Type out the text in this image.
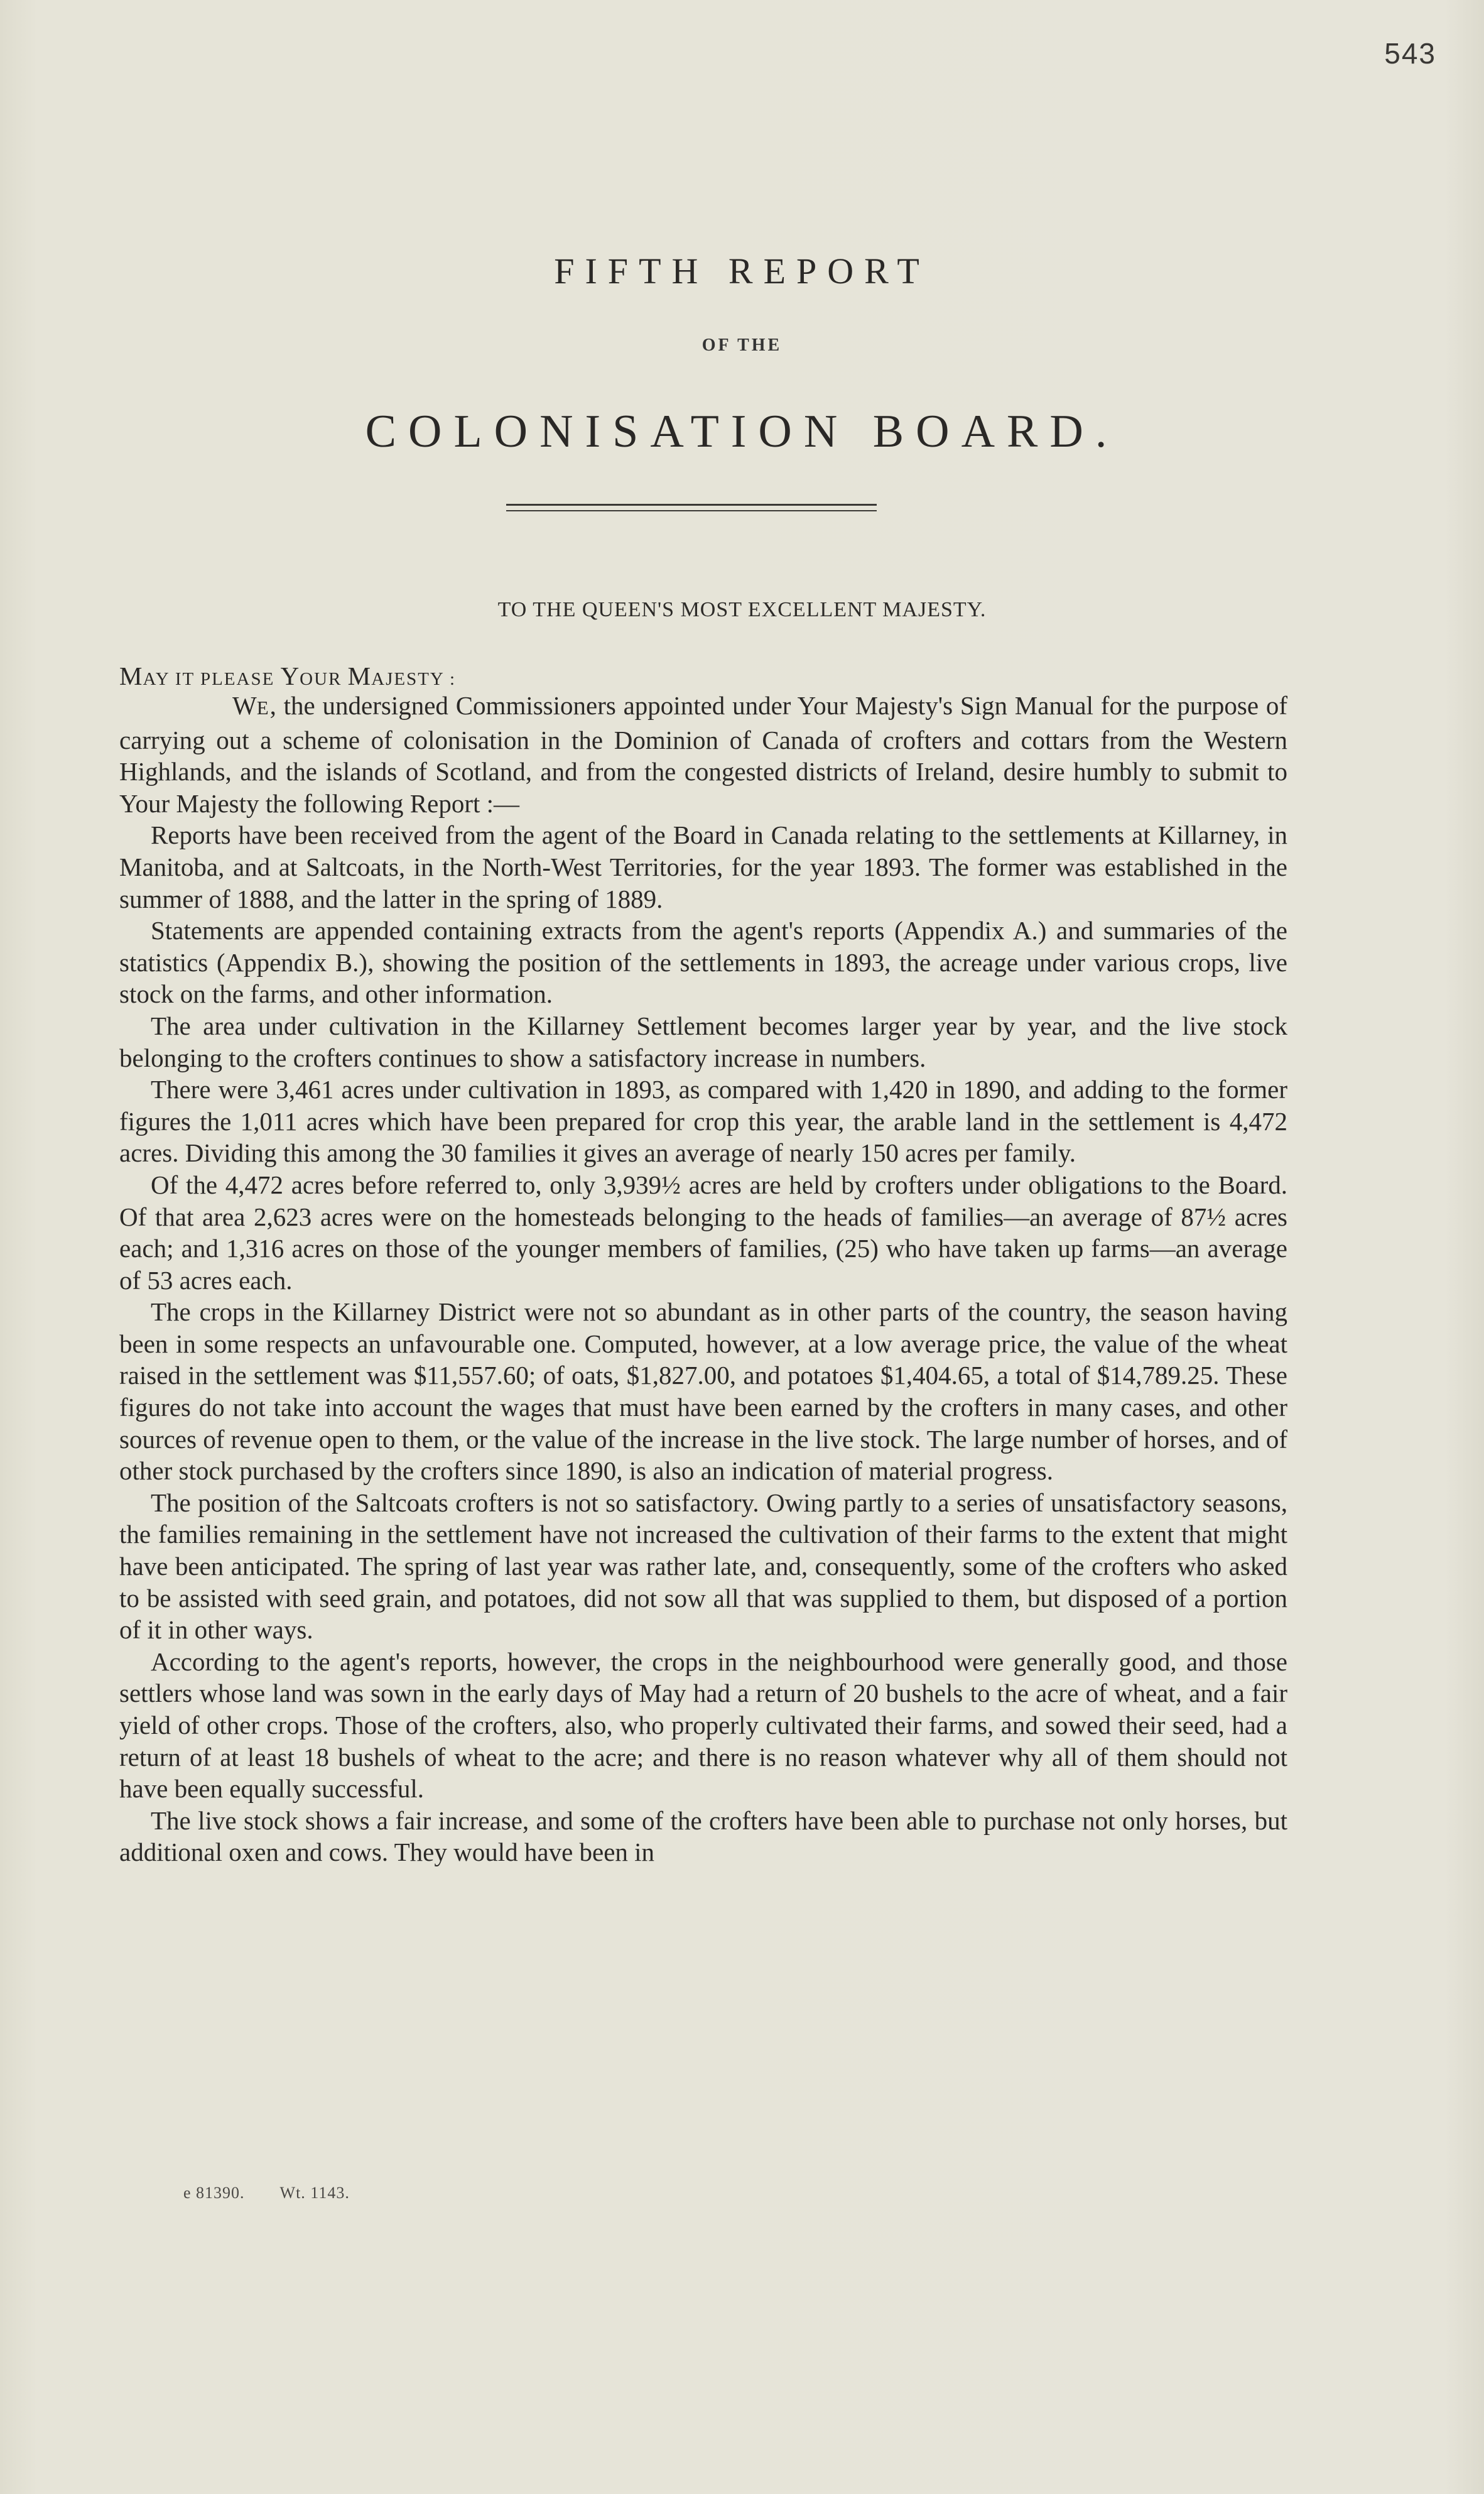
543
FIFTH REPORT
OF THE
COLONISATION BOARD.
TO THE QUEEN'S MOST EXCELLENT MAJESTY.
MAY IT PLEASE YOUR MAJESTY :

WE, the undersigned Commissioners appointed under Your Majesty's Sign Manual for the purpose of carrying out a scheme of colonisation in the Dominion of Canada of crofters and cottars from the Western Highlands, and the islands of Scotland, and from the congested districts of Ireland, desire humbly to submit to Your Majesty the following Report :—

Reports have been received from the agent of the Board in Canada relating to the settlements at Killarney, in Manitoba, and at Saltcoats, in the North-West Territories, for the year 1893. The former was established in the summer of 1888, and the latter in the spring of 1889.

Statements are appended containing extracts from the agent's reports (Appendix A.) and summaries of the statistics (Appendix B.), showing the position of the settlements in 1893, the acreage under various crops, live stock on the farms, and other information.

The area under cultivation in the Killarney Settlement becomes larger year by year, and the live stock belonging to the crofters continues to show a satisfactory increase in numbers.

There were 3,461 acres under cultivation in 1893, as compared with 1,420 in 1890, and adding to the former figures the 1,011 acres which have been prepared for crop this year, the arable land in the settlement is 4,472 acres. Dividing this among the 30 families it gives an average of nearly 150 acres per family.

Of the 4,472 acres before referred to, only 3,939½ acres are held by crofters under obligations to the Board. Of that area 2,623 acres were on the homesteads belonging to the heads of families—an average of 87½ acres each; and 1,316 acres on those of the younger members of families, (25) who have taken up farms—an average of 53 acres each.

The crops in the Killarney District were not so abundant as in other parts of the country, the season having been in some respects an unfavourable one. Computed, however, at a low average price, the value of the wheat raised in the settlement was $11,557.60; of oats, $1,827.00, and potatoes $1,404.65, a total of $14,789.25. These figures do not take into account the wages that must have been earned by the crofters in many cases, and other sources of revenue open to them, or the value of the increase in the live stock. The large number of horses, and of other stock purchased by the crofters since 1890, is also an indication of material progress.

The position of the Saltcoats crofters is not so satisfactory. Owing partly to a series of unsatisfactory seasons, the families remaining in the settlement have not increased the cultivation of their farms to the extent that might have been anticipated. The spring of last year was rather late, and, consequently, some of the crofters who asked to be assisted with seed grain, and potatoes, did not sow all that was supplied to them, but disposed of a portion of it in other ways.

According to the agent's reports, however, the crops in the neighbourhood were generally good, and those settlers whose land was sown in the early days of May had a return of 20 bushels to the acre of wheat, and a fair yield of other crops. Those of the crofters, also, who properly cultivated their farms, and sowed their seed, had a return of at least 18 bushels of wheat to the acre; and there is no reason whatever why all of them should not have been equally successful.

The live stock shows a fair increase, and some of the crofters have been able to purchase not only horses, but additional oxen and cows. They would have been in

e 81390. Wt. 1143.
